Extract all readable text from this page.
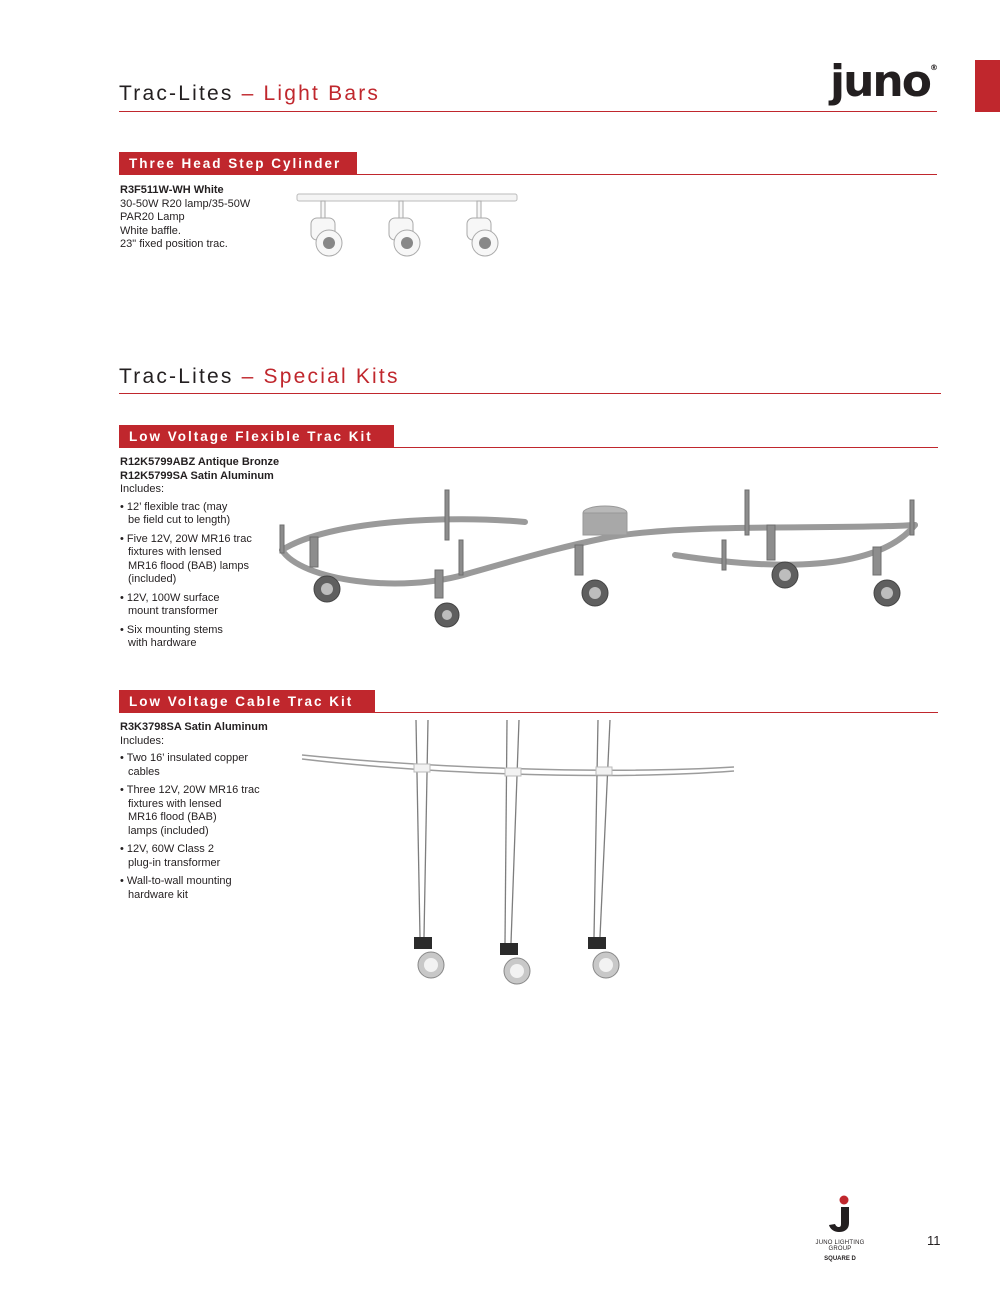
Trac-Lites – Light Bars	juno®
Three Head Step Cylinder
R3F511W-WH White
30-50W R20 lamp/35-50W
PAR20 Lamp
White baffle.
23" fixed position trac.
Trac-Lites – Special Kits
Low Voltage Flexible Trac Kit
R12K5799ABZ Antique Bronze
R12K5799SA Satin Aluminum
Includes:
• 12’ flexible trac (may
be field cut to length)
• Five 12V, 20W MR16 trac
fixtures with lensed
MR16 flood (BAB) lamps
(included)
• 12V, 100W surface
mount transformer
• Six mounting stems
with hardware
Low Voltage Cable Trac Kit
R3K3798SA Satin Aluminum
Includes:
• Two 16’ insulated copper
cables
• Three 12V, 20W MR16 trac
fixtures with lensed
MR16 flood (BAB)
lamps (included)
• 12V, 60W Class 2
plug-in transformer
• Wall-to-wall mounting
hardware kit
JUNO LIGHTING GROUP
SQUARE D
11
